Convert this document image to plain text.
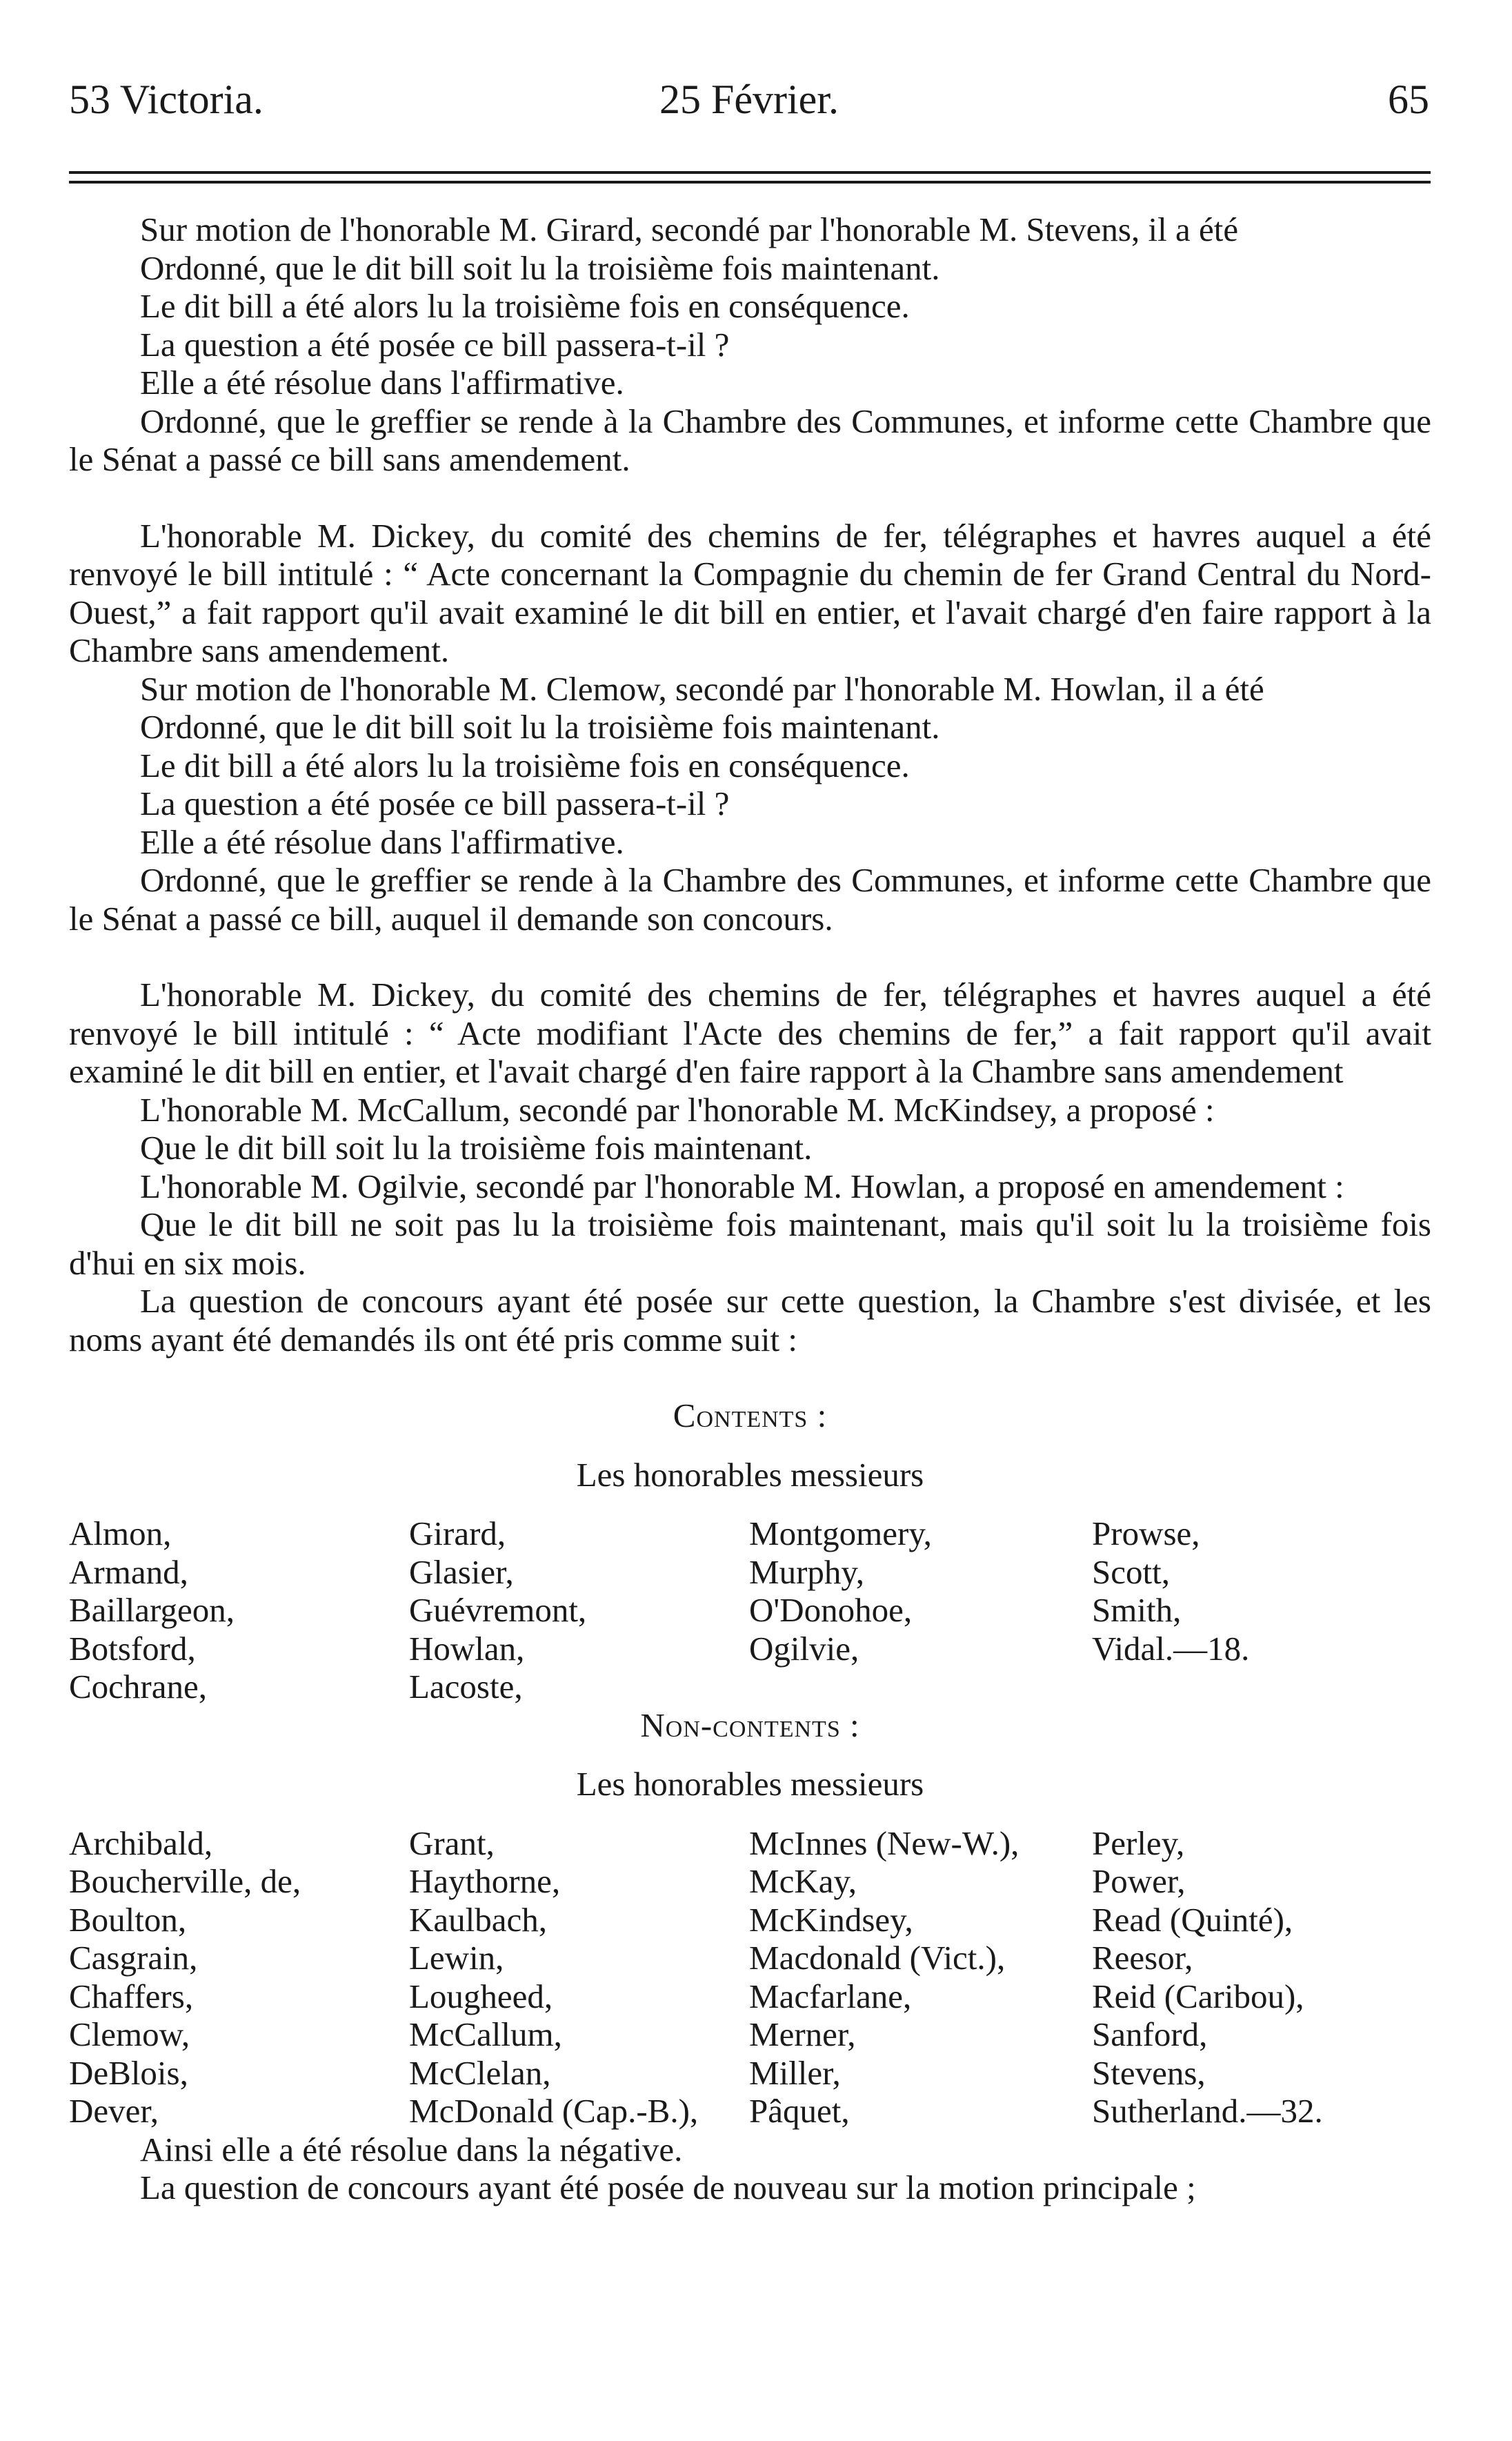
53 Victoria.	25 Février.	65

Sur motion de l'honorable M. Girard, secondé par l'honorable M. Stevens, il a été

Ordonné, que le dit bill soit lu la troisième fois maintenant.

Le dit bill a été alors lu la troisième fois en conséquence.

La question a été posée ce bill passera-t-il ?

Elle a été résolue dans l'affirmative.

Ordonné, que le greffier se rende à la Chambre des Communes, et informe cette Chambre que le Sénat a passé ce bill sans amendement.

L'honorable M. Dickey, du comité des chemins de fer, télégraphes et havres auquel a été renvoyé le bill intitulé : “ Acte concernant la Compagnie du chemin de fer Grand Central du Nord-Ouest,” a fait rapport qu'il avait examiné le dit bill en entier, et l'avait chargé d'en faire rapport à la Chambre sans amendement.

Sur motion de l'honorable M. Clemow, secondé par l'honorable M. Howlan, il a été

Ordonné, que le dit bill soit lu la troisième fois maintenant.

Le dit bill a été alors lu la troisième fois en conséquence.

La question a été posée ce bill passera-t-il ?

Elle a été résolue dans l'affirmative.

Ordonné, que le greffier se rende à la Chambre des Communes, et informe cette Chambre que le Sénat a passé ce bill, auquel il demande son concours.

L'honorable M. Dickey, du comité des chemins de fer, télégraphes et havres auquel a été renvoyé le bill intitulé : “ Acte modifiant l'Acte des chemins de fer,” a fait rapport qu'il avait examiné le dit bill en entier, et l'avait chargé d'en faire rapport à la Chambre sans amendement

L'honorable M. McCallum, secondé par l'honorable M. McKindsey, a proposé :

Que le dit bill soit lu la troisième fois maintenant.

L'honorable M. Ogilvie, secondé par l'honorable M. Howlan, a proposé en amendement :

Que le dit bill ne soit pas lu la troisième fois maintenant, mais qu'il soit lu la troisième fois d'hui en six mois.

La question de concours ayant été posée sur cette question, la Chambre s'est divisée, et les noms ayant été demandés ils ont été pris comme suit :

Contents :

Les honorables messieurs

Almon,	Girard,	Montgomery,	Prowse,
Armand,	Glasier,	Murphy,	Scott,
Baillargeon,	Guévremont,	O'Donohoe,	Smith,
Botsford,	Howlan,	Ogilvie,	Vidal.—18.
Cochrane,	Lacoste,

Non-contents :

Les honorables messieurs

Archibald,	Grant,	McInnes (New-W.),	Perley,
Boucherville, de,	Haythorne,	McKay,	Power,
Boulton,	Kaulbach,	McKindsey,	Read (Quinté),
Casgrain,	Lewin,	Macdonald (Vict.),	Reesor,
Chaffers,	Lougheed,	Macfarlane,	Reid (Caribou),
Clemow,	McCallum,	Merner,	Sanford,
DeBlois,	McClelan,	Miller,	Stevens,
Dever,	McDonald (Cap.-B.),	Pâquet,	Sutherland.—32.

Ainsi elle a été résolue dans la négative.

La question de concours ayant été posée de nouveau sur la motion principale ;
